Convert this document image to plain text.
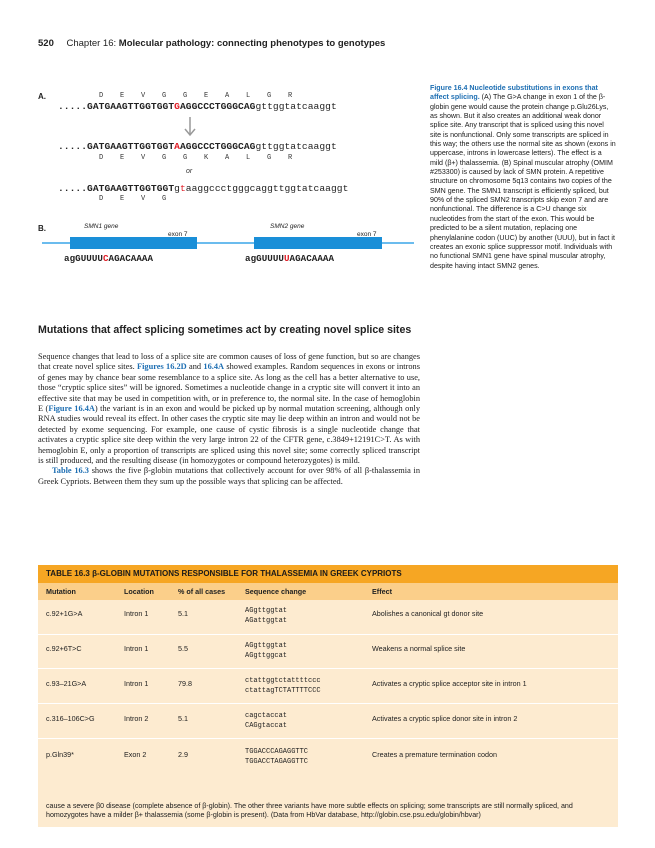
520 Chapter 16: Molecular pathology: connecting phenotypes to genotypes
A.	D    E    V    G    G    E    A    L    G    R
.....GATGAAGTTGGTGGTGAGGCCCTGGGCAGgttggtatcaaggt
.....GATGAAGTTGGTGGTAAGGCCCTGGGCAGgttggtatcaaggt
D    E    V    G    G    K    A    L    G    R
or
.....GATGAAGTTGGTGGTgtaaggccctgggcaggttggtatcaaggt
D    E    V    G
B.	SMN1 gene
exon 7
SMN2 gene
exon 7
agGUUUUCAGACAAAA	agGUUUUUAGACAAAA
Figure 16.4 Nucleotide substitutions in exons that affect splicing. (A) The G>A change in exon 1 of the β-globin gene would cause the protein change p.Glu26Lys, as shown. But it also creates an additional weak donor splice site. Any transcript that is spliced using this novel site is nonfunctional. Only some transcripts are spliced in this way; the others use the normal site as shown (exons in uppercase, introns in lowercase letters). The effect is a mild (β+) thalassemia. (B) Spinal muscular atrophy (OMIM #253300) is caused by lack of SMN protein. A repetitive structure on chromosome 5q13 contains two copies of the SMN gene. The SMN1 transcript is efficiently spliced, but 90% of the spliced SMN2 transcripts skip exon 7 and are nonfunctional. The difference is a C>U change six nucleotides from the start of the exon. This would be predicted to be a silent mutation, replacing one phenylalanine codon (UUC) by another (UUU), but in fact it creates an exonic splice suppressor motif. Individuals with no functional SMN1 gene have spinal muscular atrophy, despite having intact SMN2 genes.
Mutations that affect splicing sometimes act by creating novel splice sites

Sequence changes that lead to loss of a splice site are common causes of loss of gene function, but so are changes that create novel splice sites. Figures 16.2D and 16.4A showed examples. Random sequences in exons or introns of genes may by chance bear some resemblance to a splice site. As long as the cell has a better alternative to use, those “cryptic splice sites” will be ignored. Sometimes a nucleotide change in a cryptic site will convert it into an effective site that may be used in competition with, or in preference to, the normal site. In the case of hemoglobin E (Figure 16.4A) the variant is in an exon and would be picked up by normal mutation screening, although only RNA studies would reveal its effect. In other cases the cryptic site may lie deep within an intron and would not be detected by exome sequencing. For example, one cause of cystic fibrosis is a single nucleotide change that activates a cryptic splice site deep within the very large intron 22 of the CFTR gene, c.3849+12191C>T. As with hemoglobin E, only a proportion of transcripts are spliced using this novel site; some correctly spliced transcript is still produced, and the resulting disease (in homozygotes or compound heterozygotes) is mild.

Table 16.3 shows the five β-globin mutations that collectively account for over 98% of all β-thalassemia in Greek Cypriots. Between them they sum up the possible ways that splicing can be affected.

TABLE 16.3 β-GLOBIN MUTATIONS RESPONSIBLE FOR THALASSEMIA IN GREEK CYPRIOTS
Mutation	Location	% of all cases	Sequence change	Effect
c.92+1G>A	Intron 1	5.1	AGgttggtat
AGattggtat
Abolishes a canonical gt donor site
c.92+6T>C	Intron 1	5.5	AGgttggtat
AGgttggcat
Weakens a normal splice site
c.93–21G>A	Intron 1	79.8	ctattggtctattttccc
ctattagTCTATTTTCCC
Activates a cryptic splice acceptor site in intron 1
c.316–106C>G	Intron 2	5.1	cagctaccat
CAGgtaccat
Activates a cryptic splice donor site in intron 2
p.Gln39*	Exon 2	2.9	TGGACCCAGAGGTTC
TGGACCTAGAGGTTC
Creates a premature termination codon
cause a severe β0 disease (complete absence of β-globin). The other three variants have more subtle effects on splicing; some transcripts are still normally spliced, and homozygotes have a milder β+ thalassemia (some β-globin is present). (Data from HbVar database, http://globin.cse.psu.edu/globin/hbvar)
